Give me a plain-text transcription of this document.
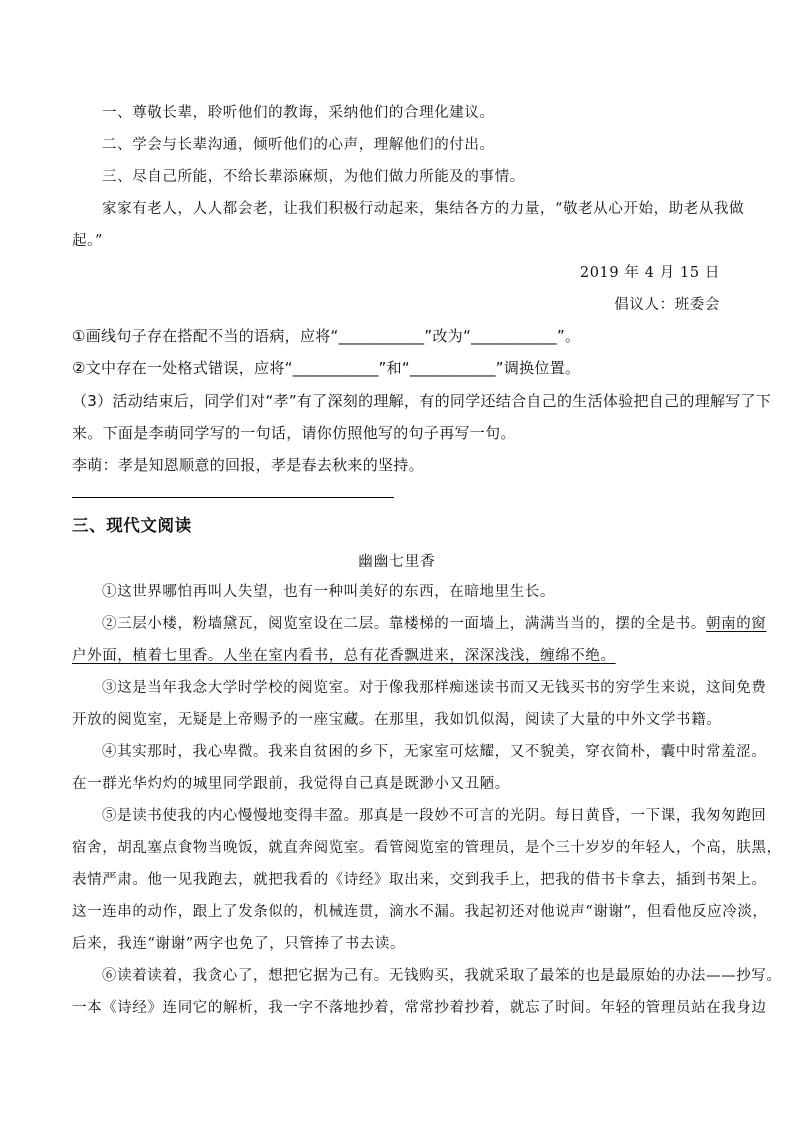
一、尊敬长辈，聆听他们的教诲，采纳他们的合理化建议。
二、学会与长辈沟通，倾听他们的心声，理解他们的付出。
三、尽自己所能，不给长辈添麻烦，为他们做力所能及的事情。
家家有老人，人人都会老，让我们积极行动起来，集结各方的力量，“敬老从心开始，助老从我做
起。”
2019 年 4 月 15 日
倡议人：班委会
①画线句子存在搭配不当的语病，应将“___________”改为“___________”。
②文中存在一处格式错误，应将“___________”和“___________”调换位置。
（3）活动结束后，同学们对“孝”有了深刻的理解，有的同学还结合自己的生活体验把自己的理解写了下
来。下面是李萌同学写的一句话，请你仿照他写的句子再写一句。
李萌：孝是知恩顺意的回报，孝是春去秋来的坚持。
三、现代文阅读
幽幽七里香
①这世界哪怕再叫人失望，也有一种叫美好的东西，在暗地里生长。
②三层小楼，粉墙黛瓦，阅览室设在二层。靠楼梯的一面墙上，满满当当的，摆的全是书。朝南的窗
户外面，植着七里香。人坐在室内看书，总有花香飘进来，深深浅浅，缠绵不绝。
③这是当年我念大学时学校的阅览室。对于像我那样痴迷读书而又无钱买书的穷学生来说，这间免费
开放的阅览室，无疑是上帝赐予的一座宝藏。在那里，我如饥似渴，阅读了大量的中外文学书籍。
④其实那时，我心卑微。我来自贫困的乡下，无家室可炫耀，又不貌美，穿衣简朴，囊中时常羞涩。
在一群光华灼灼的城里同学跟前，我觉得自己真是既渺小又丑陋。
⑤是读书使我的内心慢慢地变得丰盈。那真是一段妙不可言的光阴。每日黄昏，一下课，我匆匆跑回
宿舍，胡乱塞点食物当晚饭，就直奔阅览室。看管阅览室的管理员，是个三十岁岁的年轻人，个高，肤黑，
表情严肃。他一见我跑去，就把我看的《诗经》取出来，交到我手上，把我的借书卡拿去，插到书架上。
这一连串的动作，跟上了发条似的，机械连贯，滴水不漏。我起初还对他说声“谢谢”，但看他反应冷淡，
后来，我连“谢谢”两字也免了，只管捧了书去读。
⑥读着读着，我贪心了，想把它据为己有。无钱购买，我就采取了最笨的也是最原始的办法——抄写。
一本《诗经》连同它的解析，我一字不落地抄着，常常抄着抄着，就忘了时间。年轻的管理员站在我身边
